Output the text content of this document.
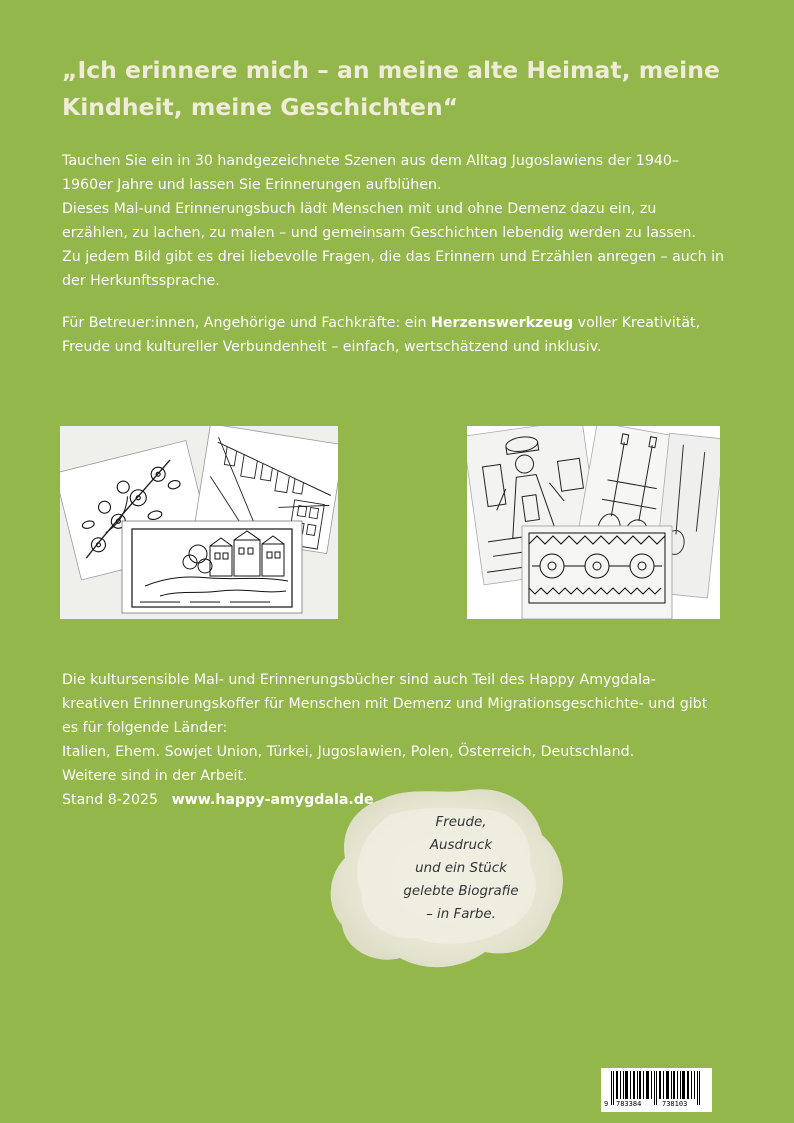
„Ich erinnere mich – an meine alte Heimat, meine
Kindheit, meine Geschichten“

Tauchen Sie ein in 30 handgezeichnete Szenen aus dem Alltag Jugoslawiens der 1940–
1960er Jahre und lassen Sie Erinnerungen aufblühen.
Dieses Mal-und Erinnerungsbuch lädt Menschen mit und ohne Demenz dazu ein, zu
erzählen, zu lachen, zu malen – und gemeinsam Geschichten lebendig werden zu lassen.
Zu jedem Bild gibt es drei liebevolle Fragen, die das Erinnern und Erzählen anregen – auch in
der Herkunftssprache.

Für Betreuer:innen, Angehörige und Fachkräfte: ein Herzenswerkzeug voller Kreativität,
Freude und kultureller Verbundenheit – einfach, wertschätzend und inklusiv.

Die kultursensible Mal- und Erinnerungsbücher sind auch Teil des Happy Amygdala-
kreativen Erinnerungskoffer für Menschen mit Demenz und Migrationsgeschichte- und gibt
es für folgende Länder:
Italien, Ehem. Sowjet Union, Türkei, Jugoslawien, Polen, Österreich, Deutschland.
Weitere sind in der Arbeit.
Stand 8-2025 www.happy-amygdala.de

Freude,
Ausdruck
und ein Stück
gelebte Biografie
– in Farbe.

9 783384	738103
